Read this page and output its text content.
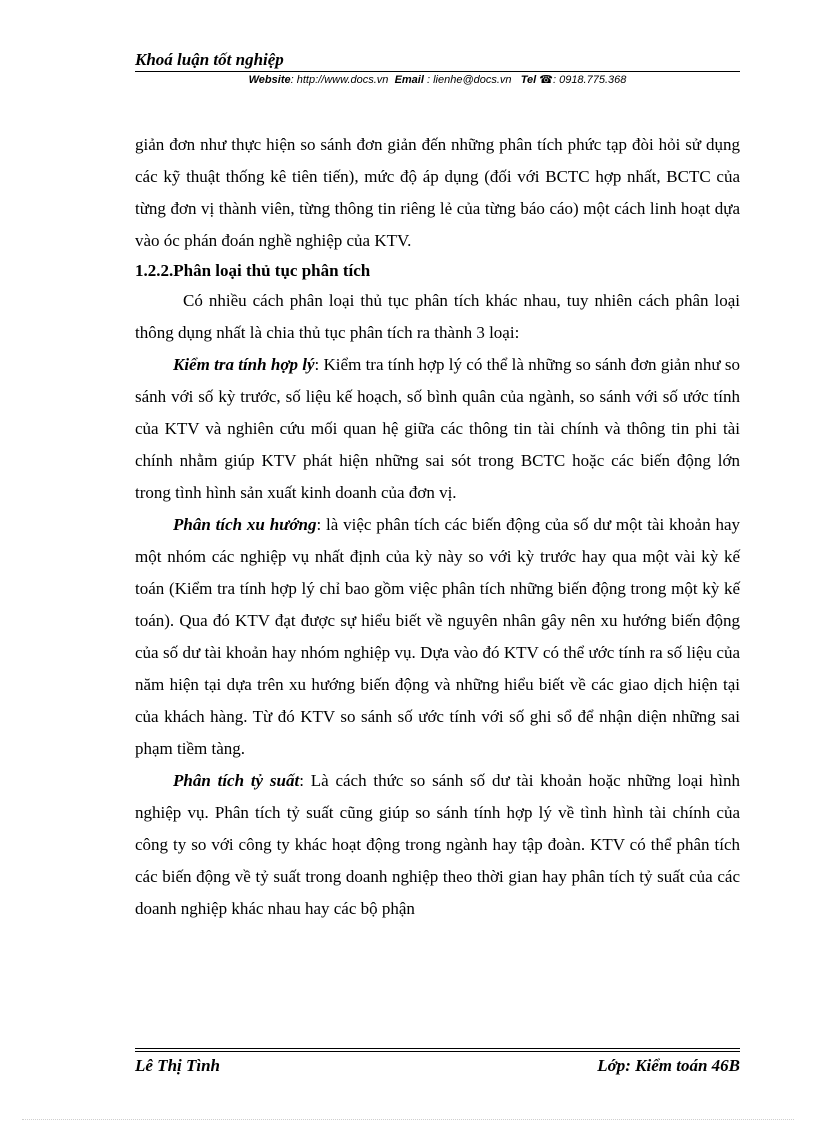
Khoá luận tốt nghiệp

Website: http://www.docs.vn Email : lienhe@docs.vn Tel ☎: 0918.775.368

giản đơn như thực hiện so sánh đơn giản đến những phân tích phức tạp đòi hỏi sử dụng các kỹ thuật thống kê tiên tiến), mức độ áp dụng (đối với BCTC hợp nhất, BCTC của từng đơn vị thành viên, từng thông tin riêng lẻ của từng báo cáo) một cách linh hoạt dựa vào óc phán đoán nghề nghiệp của KTV.

1.2.2.Phân loại thủ tục phân tích

Có nhiều cách phân loại thủ tục phân tích khác nhau, tuy nhiên cách phân loại thông dụng nhất là chia thủ tục phân tích ra thành 3 loại:

Kiểm tra tính hợp lý: Kiểm tra tính hợp lý có thể là những so sánh đơn giản như so sánh với số kỳ trước, số liệu kế hoạch, số bình quân của ngành, so sánh với số ước tính của KTV và nghiên cứu mối quan hệ giữa các thông tin tài chính và thông tin phi tài chính nhằm giúp KTV phát hiện những sai sót trong BCTC hoặc các biến động lớn trong tình hình sản xuất kinh doanh của đơn vị.

Phân tích xu hướng: là việc phân tích các biến động của số dư một tài khoản hay một nhóm các nghiệp vụ nhất định của kỳ này so với kỳ trước hay qua một vài kỳ kế toán (Kiểm tra tính hợp lý chỉ bao gồm việc phân tích những biến động trong một kỳ kế toán). Qua đó KTV đạt được sự hiểu biết về nguyên nhân gây nên xu hướng biến động của số dư tài khoản hay nhóm nghiệp vụ. Dựa vào đó KTV có thể ước tính ra số liệu của năm hiện tại dựa trên xu hướng biến động và những hiểu biết về các giao dịch hiện tại của khách hàng. Từ đó KTV so sánh số ước tính với số ghi sổ để nhận diện những sai phạm tiềm tàng.

Phân tích tỷ suất: Là cách thức so sánh số dư tài khoản hoặc những loại hình nghiệp vụ. Phân tích tỷ suất cũng giúp so sánh tính hợp lý về tình hình tài chính của công ty so với công ty khác hoạt động trong ngành hay tập đoàn. KTV có thể phân tích các biến động về tỷ suất trong doanh nghiệp theo thời gian hay phân tích tỷ suất của các doanh nghiệp khác nhau hay các bộ phận

Lê Thị Tình	Lớp: Kiểm toán 46B
